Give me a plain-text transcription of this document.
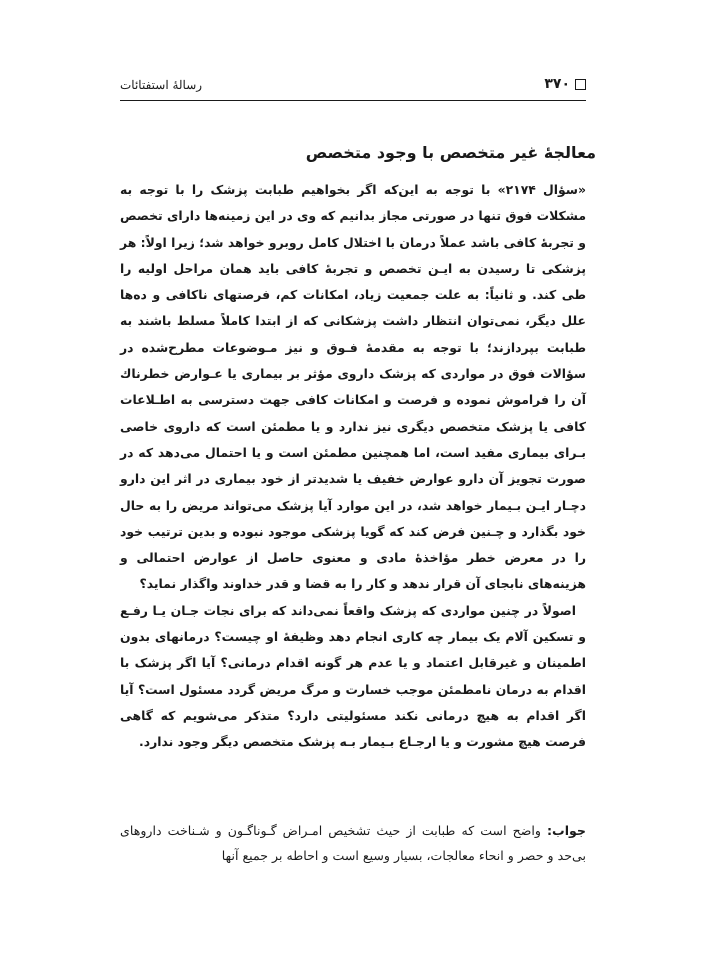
۳۷۰
رسالهٔ استفتائات
معالجهٔ غیر متخصص با وجود متخصص

«سؤال ۲۱۷۴» با توجه به این‌که اگر بخواهیم طبابت پزشک را با توجه به مشکلات فوق تنها در صورتی مجاز بدانیم که وی در این زمینه‌ها دارای تخصص و تجربهٔ کافی باشد عملاً درمان با اختلال کامل روبرو خواهد شد؛ زیرا اولاً: هر پزشکی تا رسیدن به ایـن تخصص و تجربهٔ کافی باید همان مراحل اولیه را طی کند. و ثانیاً: به علت جمعیت زیاد، امکانات کم، فرصتهای ناکافی و ده‌ها علل دیگر، نمی‌توان انتظار داشت پزشکانی که از ابتدا کاملاً مسلط باشند به طبابت بپردازند؛ با توجه به مقدمهٔ فـوق و نیز مـوضوعات مطرح‌شده در سؤالات فوق در مواردی که پزشک داروی مؤثر بر بیماری یا عـوارض خطرناك آن را فراموش نموده و فرصت و امکانات کافی جهت دسترسی به اطـلاعات کافی یا پزشک متخصص دیگری نیز ندارد و یا مطمئن است که داروی خاصی بـرای بیماری مفید است، اما همچنین مطمئن است و یا احتمال می‌دهد که در صورت تجویز آن دارو عوارض خفیف یا شدیدتر از خود بیماری در اثر این دارو دچـار ایـن بـیمار خواهد شد، در این موارد آیا پزشک می‌تواند مریض را به حال خود بگذارد و چـنین فرض کند که گویا پزشکی موجود نبوده و بدین ترتیب خود را در معرض خطر مؤاخذهٔ مادی و معنوی حاصل از عوارض احتمالی و هزینه‌های نابجای آن قرار ندهد و کار را به قضا و قدر خداوند واگذار نماید؟

اصولاً در چنین مواردی که پزشک واقعاً نمی‌داند که برای نجات جـان یـا رفـع و تسکین آلام یک بیمار چه کاری انجام دهد وظیفهٔ او چیست؟ درمانهای بدون اطمینان و غیرقابل اعتماد و یا عدم هر گونه اقدام درمانی؟ آیا اگر پزشک با اقدام به درمان نامطمئن موجب خسارت و مرگ مریض گردد مسئول است؟ آیا اگر اقدام به هیچ درمانی نکند مسئولیتی دارد؟ متذکر می‌شویم که گاهی فرصت هیچ مشورت و یا ارجـاع بـیمار بـه پزشک متخصص دیگر وجود ندارد.

جواب: واضح است که طبابت از حیث تشخیص امـراض گـوناگـون و شـناخت داروهای بی‌حد و حصر و انحاء معالجات، بسیار وسیع است و احاطه بر جمیع آنها
